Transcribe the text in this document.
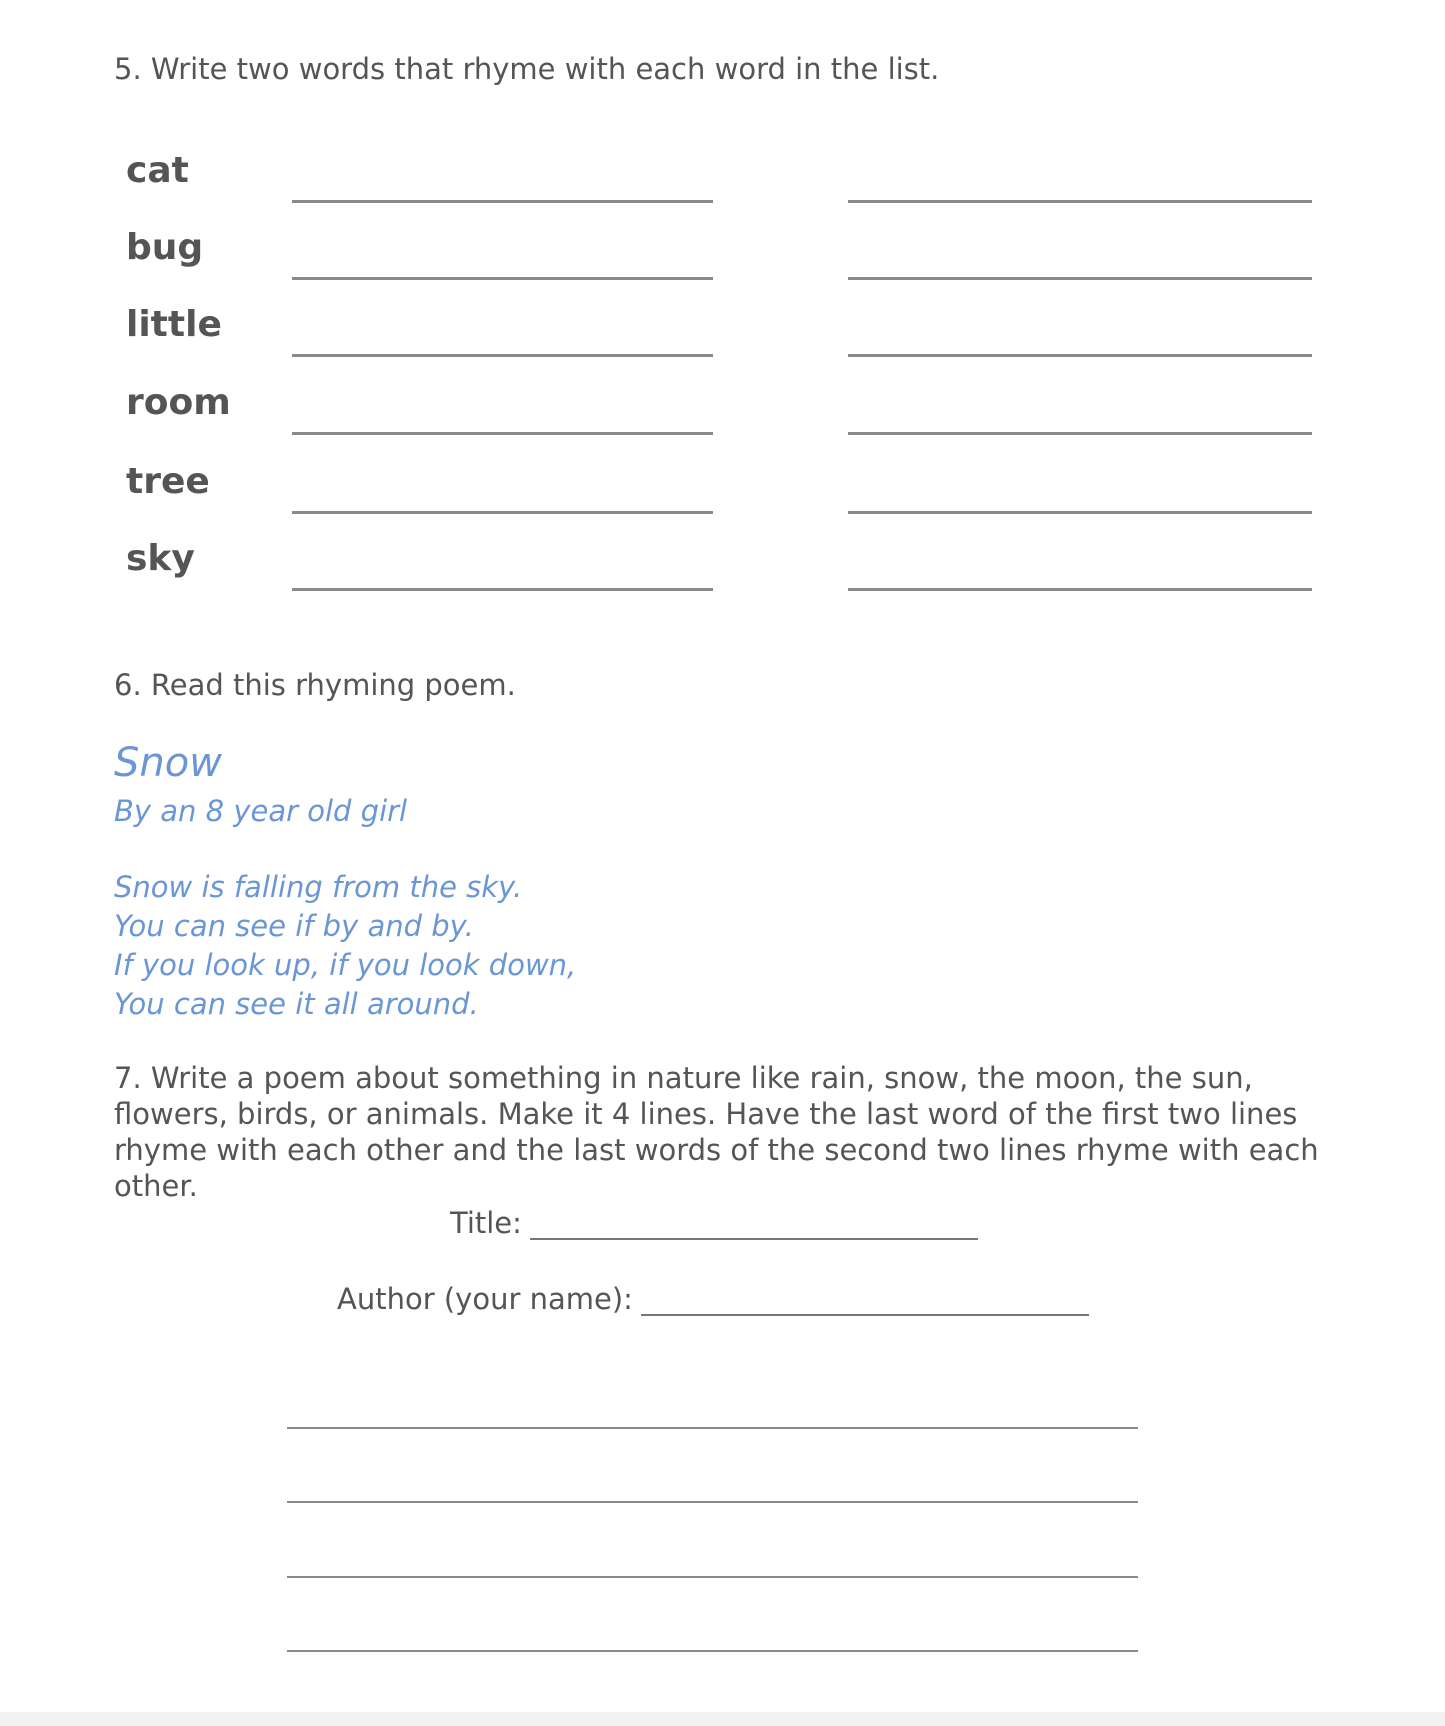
5. Write two words that rhyme with each word in the list.

cat
bug
little
room
tree
sky

6. Read this rhyming poem.

Snow
By an 8 year old girl
Snow is falling from the sky.
You can see if by and by.
If you look up, if you look down,
You can see it all around.

7. Write a poem about something in nature like rain, snow, the moon, the sun, flowers, birds, or animals. Make it 4 lines. Have the last word of the first two lines rhyme with each other and the last words of the second two lines rhyme with each other.

Title:
Author (your name):
